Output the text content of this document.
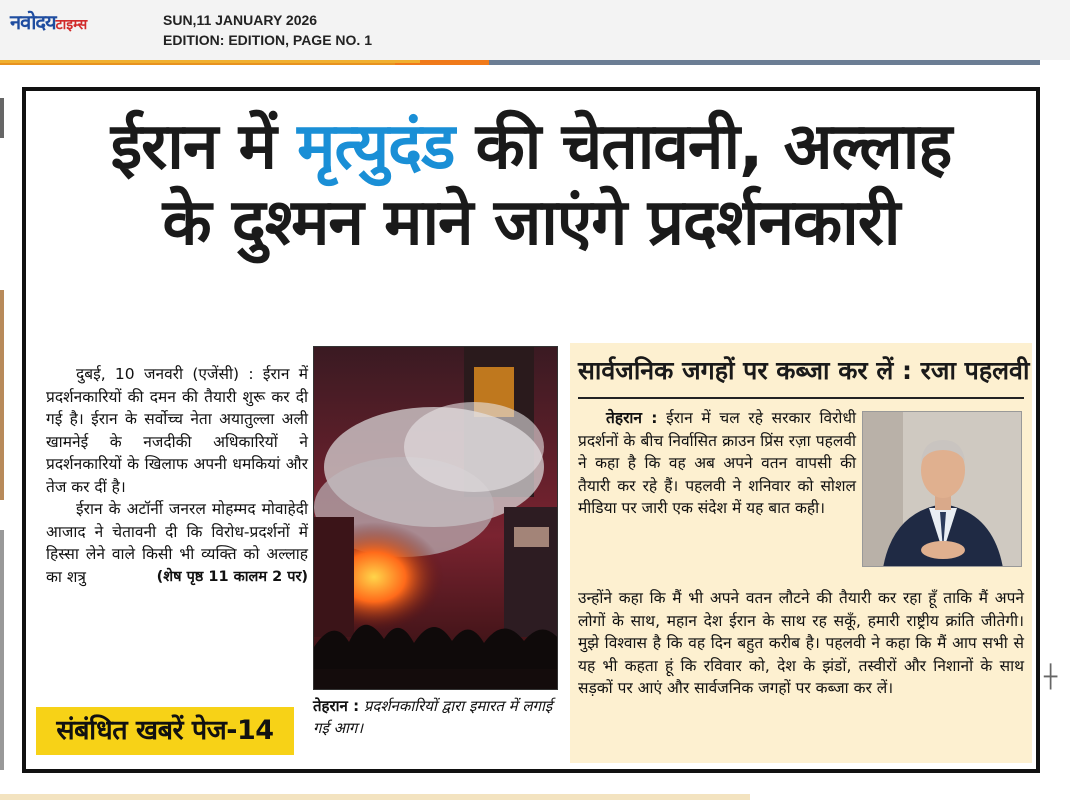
नवोदयटाइम्स	SUN,11 JANUARY 2026
EDITION: EDITION, PAGE NO. 1
ईरान में मृत्युदंड की चेतावनी, अल्लाह
के दुश्मन माने जाएंगे प्रदर्शनकारी

दुबई, 10 जनवरी (एजेंसी) : ईरान में प्रदर्शनकारियों की दमन की तैयारी शुरू कर दी गई है। ईरान के सर्वोच्च नेता अयातुल्ला अली खामनेई के नजदीकी अधिकारियों ने प्रदर्शनकारियों के खिलाफ अपनी धमकियां और तेज कर दीं है।

ईरान के अटॉर्नी जनरल मोहम्मद मोवाहेदी आजाद ने चेतावनी दी कि विरोध-प्रदर्शनों में हिस्सा लेने वाले किसी भी व्यक्ति को अल्लाह का शत्रु	(शेष पृष्ठ 11 कालम 2 पर)
संबंधित खबरें पेज-14
तेहरान : प्रदर्शनकारियों द्वारा इमारत में लगाई गई आग।
सार्वजनिक जगहों पर कब्जा कर लें : रजा पहलवी
तेहरान : ईरान में चल रहे सरकार विरोधी प्रदर्शनों के बीच निर्वासित क्राउन प्रिंस रज़ा पहलवी ने कहा है कि वह अब अपने वतन वापसी की तैयारी कर रहे हैं। पहलवी ने शनिवार को सोशल मीडिया पर जारी एक संदेश में यह बात कही।
उन्होंने कहा कि मैं भी अपने वतन लौटने की तैयारी कर रहा हूँ ताकि मैं अपने लोगों के साथ, महान देश ईरान के साथ रह सकूँ, हमारी राष्ट्रीय क्रांति जीतेगी। मुझे विश्वास है कि वह दिन बहुत करीब है। पहलवी ने कहा कि मैं आप सभी से यह भी कहता हूं कि रविवार को, देश के झंडों, तस्वीरों और निशानों के साथ सड़कों पर आएं और सार्वजनिक जगहों पर कब्जा कर लें।	┼
